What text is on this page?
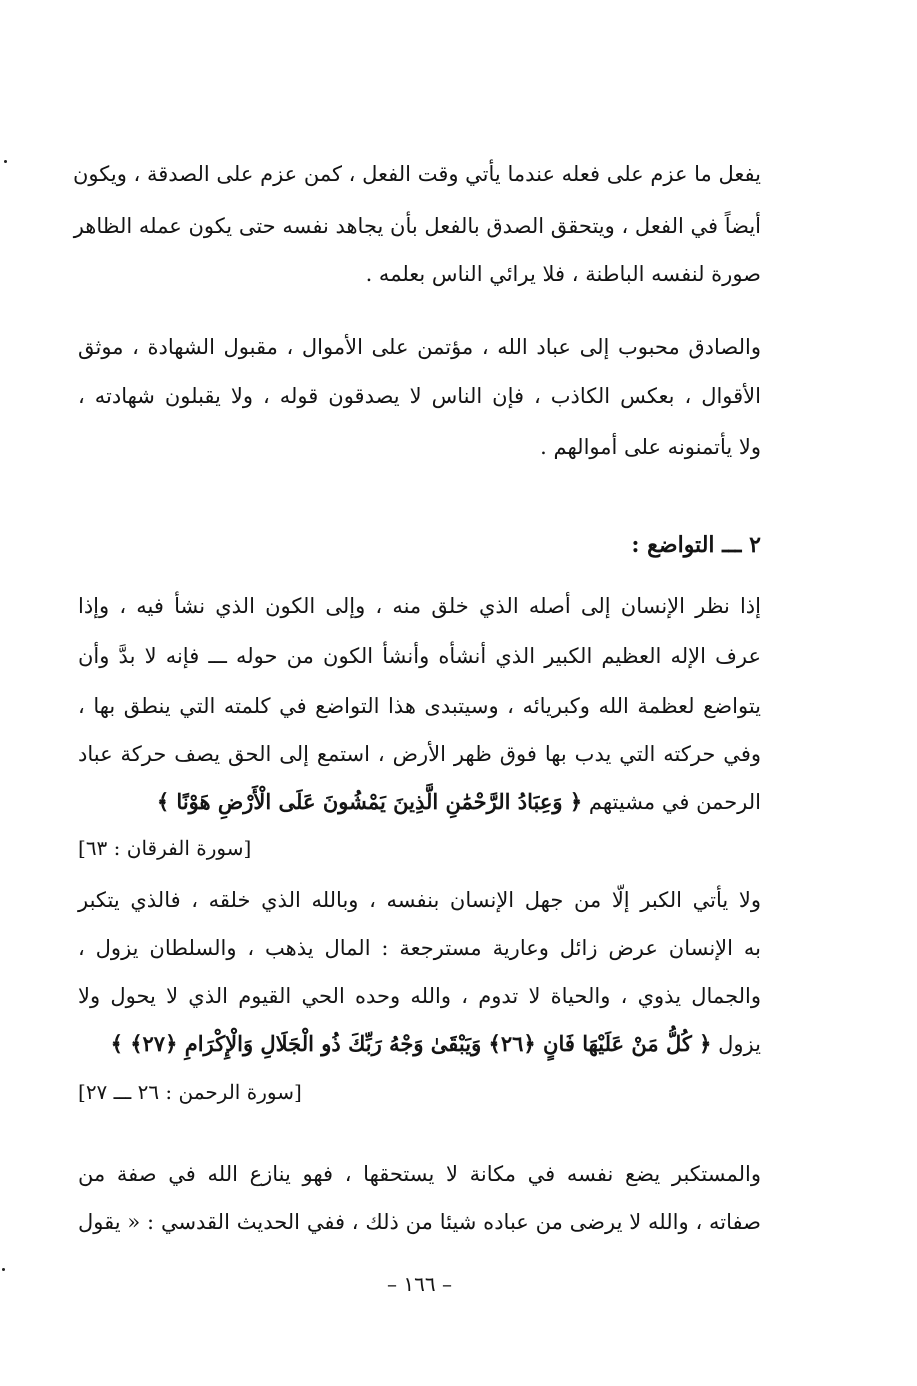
يفعل ما عزم على فعله عندما يأتي وقت الفعل ، كمن عزم على الصدقة ، ويكون
أيضاً في الفعل ، ويتحقق الصدق بالفعل بأن يجاهد نفسه حتى يكون عمله الظاهر
صورة لنفسه الباطنة ، فلا يرائي الناس بعلمه .
والصادق محبوب إلى عباد الله ، مؤتمن على الأموال ، مقبول الشهادة ، موثق
الأقوال ، بعكس الكاذب ، فإن الناس لا يصدقون قوله ، ولا يقبلون شهادته ،
ولا يأتمنونه على أموالهم .
٢ ـــ التواضع :
إذا نظر الإنسان إلى أصله الذي خلق منه ، وإلى الكون الذي نشأ فيه ، وإذا
عرف الإله العظيم الكبير الذي أنشأه وأنشأ الكون من حوله ـــ فإنه لا بدَّ وأن
يتواضع لعظمة الله وكبريائه ، وسيتبدى هذا التواضع في كلمته التي ينطق بها ،
وفي حركته التي يدب بها فوق ظهر الأرض ، استمع إلى الحق يصف حركة عباد
الرحمن في مشيتهم ﴿ وَعِبَادُ الرَّحْمَٰنِ الَّذِينَ يَمْشُونَ عَلَى الْأَرْضِ هَوْنًا ﴾
[سورة الفرقان : ٦٣]
ولا يأتي الكبر إلّا من جهل الإنسان بنفسه ، وبالله الذي خلقه ، فالذي يتكبر
به الإنسان عرض زائل وعارية مسترجعة : المال يذهب ، والسلطان يزول ،
والجمال يذوي ، والحياة لا تدوم ، والله وحده الحي القيوم الذي لا يحول ولا
يزول ﴿ كُلُّ مَنْ عَلَيْهَا فَانٍ ﴿٢٦﴾ وَيَبْقَىٰ وَجْهُ رَبِّكَ ذُو الْجَلَالِ وَالْإِكْرَامِ ﴿٢٧﴾ ﴾
[سورة الرحمن : ٢٦ ـــ ٢٧]
والمستكبر يضع نفسه في مكانة لا يستحقها ، فهو ينازع الله في صفة من
صفاته ، والله لا يرضى من عباده شيئا من ذلك ، ففي الحديث القدسي : « يقول
– ١٦٦ –
